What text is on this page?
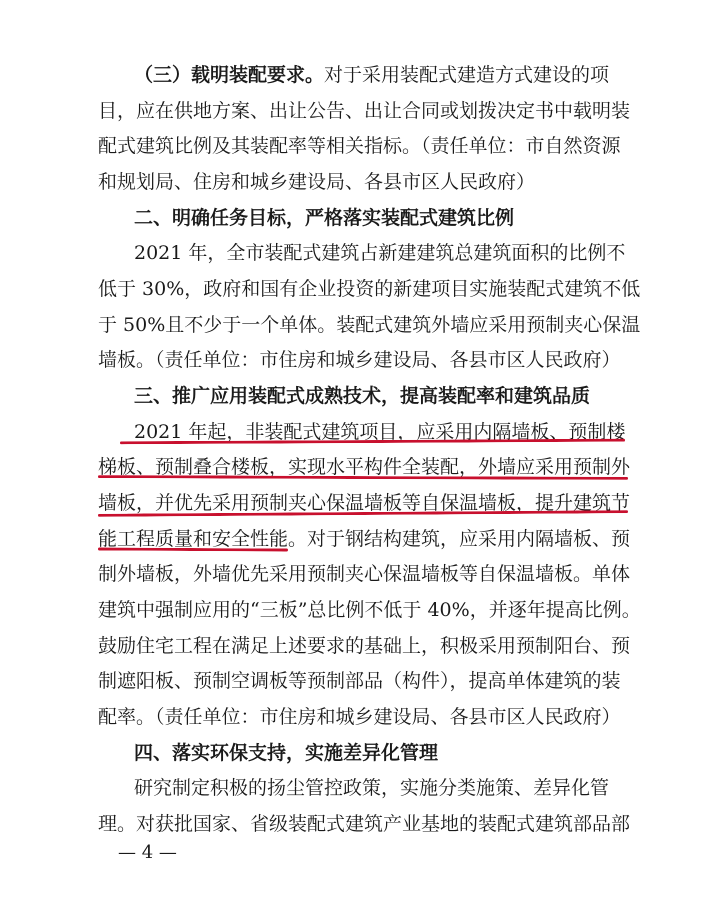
（三）载明装配要求。对于采用装配式建造方式建设的项
目，应在供地方案、出让公告、出让合同或划拨决定书中载明装
配式建筑比例及其装配率等相关指标。（责任单位：市自然资源
和规划局、住房和城乡建设局、各县市区人民政府）
二、明确任务目标，严格落实装配式建筑比例
2021 年，全市装配式建筑占新建建筑总建筑面积的比例不
低于 30%，政府和国有企业投资的新建项目实施装配式建筑不低
于 50%且不少于一个单体。装配式建筑外墙应采用预制夹心保温
墙板。（责任单位：市住房和城乡建设局、各县市区人民政府）
三、推广应用装配式成熟技术，提高装配率和建筑品质
2021 年起，非装配式建筑项目，应采用内隔墙板、预制楼
梯板、预制叠合楼板，实现水平构件全装配，外墙应采用预制外
墙板，并优先采用预制夹心保温墙板等自保温墙板，提升建筑节
能工程质量和安全性能。对于钢结构建筑，应采用内隔墙板、预
制外墙板，外墙优先采用预制夹心保温墙板等自保温墙板。单体
建筑中强制应用的“三板”总比例不低于 40%，并逐年提高比例。
鼓励住宅工程在满足上述要求的基础上，积极采用预制阳台、预
制遮阳板、预制空调板等预制部品（构件），提高单体建筑的装
配率。（责任单位：市住房和城乡建设局、各县市区人民政府）
四、落实环保支持，实施差异化管理
研究制定积极的扬尘管控政策，实施分类施策、差异化管
理。对获批国家、省级装配式建筑产业基地的装配式建筑部品部
— 4 —
